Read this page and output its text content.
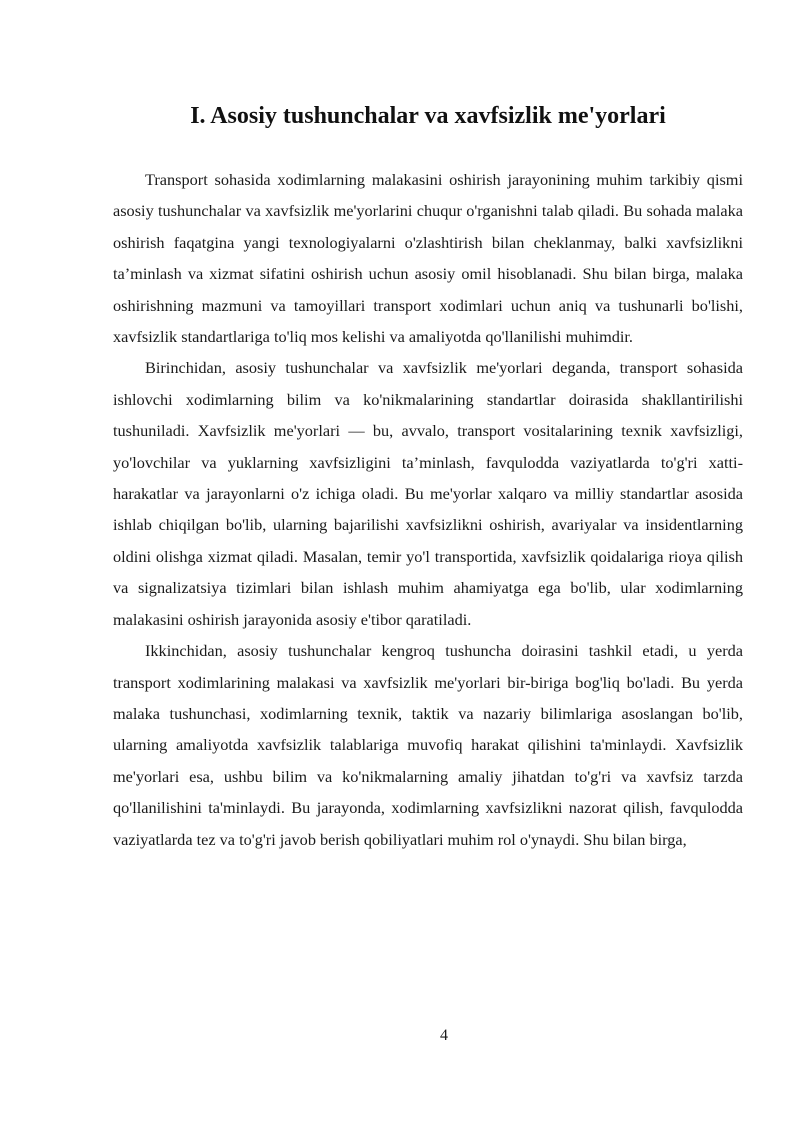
I. Asosiy tushunchalar va xavfsizlik me'yorlari

Transport sohasida xodimlarning malakasini oshirish jarayonining muhim tarkibiy qismi asosiy tushunchalar va xavfsizlik me'yorlarini chuqur o'rganishni talab qiladi. Bu sohada malaka oshirish faqatgina yangi texnologiyalarni o'zlashtirish bilan cheklanmay, balki xavfsizlikni ta’minlash va xizmat sifatini oshirish uchun asosiy omil hisoblanadi. Shu bilan birga, malaka oshirishning mazmuni va tamoyillari transport xodimlari uchun aniq va tushunarli bo'lishi, xavfsizlik standartlariga to'liq mos kelishi va amaliyotda qo'llanilishi muhimdir.

Birinchidan, asosiy tushunchalar va xavfsizlik me'yorlari deganda, transport sohasida ishlovchi xodimlarning bilim va ko'nikmalarining standartlar doirasida shakllantirilishi tushuniladi. Xavfsizlik me'yorlari — bu, avvalo, transport vositalarining texnik xavfsizligi, yo'lovchilar va yuklarning xavfsizligini ta’minlash, favqulodda vaziyatlarda to'g'ri xatti-harakatlar va jarayonlarni o'z ichiga oladi. Bu me'yorlar xalqaro va milliy standartlar asosida ishlab chiqilgan bo'lib, ularning bajarilishi xavfsizlikni oshirish, avariyalar va insidentlarning oldini olishga xizmat qiladi. Masalan, temir yo'l transportida, xavfsizlik qoidalariga rioya qilish va signalizatsiya tizimlari bilan ishlash muhim ahamiyatga ega bo'lib, ular xodimlarning malakasini oshirish jarayonida asosiy e'tibor qaratiladi.

Ikkinchidan, asosiy tushunchalar kengroq tushuncha doirasini tashkil etadi, u yerda transport xodimlarining malakasi va xavfsizlik me'yorlari bir-biriga bog'liq bo'ladi. Bu yerda malaka tushunchasi, xodimlarning texnik, taktik va nazariy bilimlariga asoslangan bo'lib, ularning amaliyotda xavfsizlik talablariga muvofiq harakat qilishini ta'minlaydi. Xavfsizlik me'yorlari esa, ushbu bilim va ko'nikmalarning amaliy jihatdan to'g'ri va xavfsiz tarzda qo'llanilishini ta'minlaydi. Bu jarayonda, xodimlarning xavfsizlikni nazorat qilish, favqulodda vaziyatlarda tez va to'g'ri javob berish qobiliyatlari muhim rol o'ynaydi. Shu bilan birga,

4
